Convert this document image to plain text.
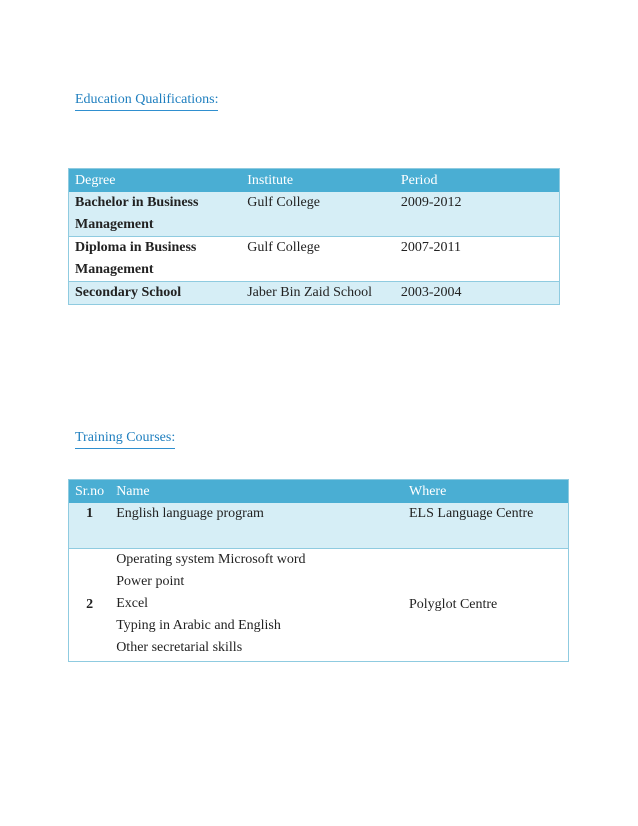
Education Qualifications:
Degree	Institute	Period

Bachelor in Business
Management	Gulf College	2009-2012

Diploma in Business
Management	Gulf College	2007-2011

Secondary School	Jaber Bin Zaid School	2003-2004
Training Courses:
Sr.no	Name	Where
1	English language program	ELS Language Centre
2	Operating system Microsoft word
Power point
Excel
Typing in Arabic and English
Other secretarial skills	Polyglot Centre
